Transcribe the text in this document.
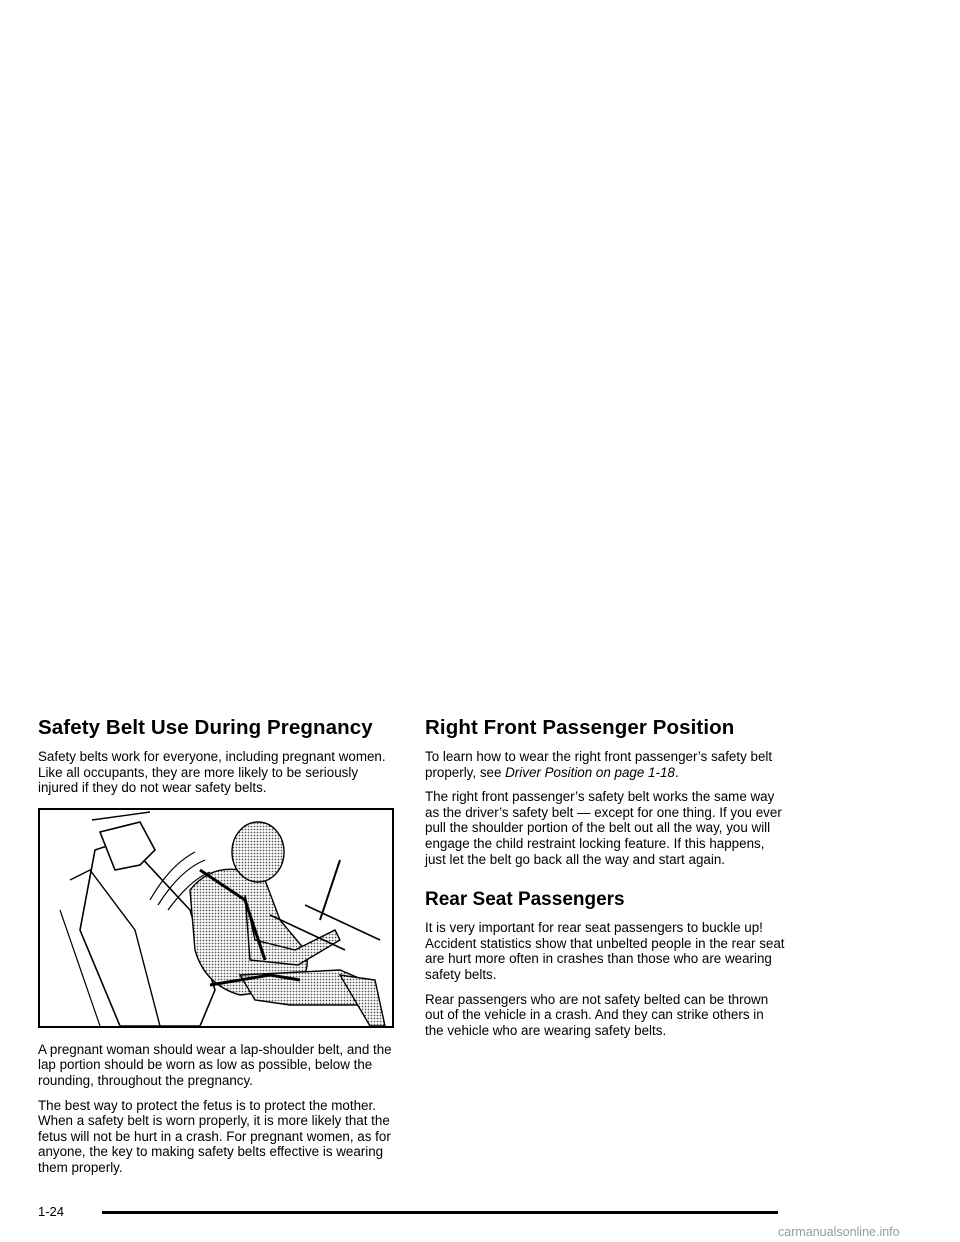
Safety Belt Use During Pregnancy

Safety belts work for everyone, including pregnant women. Like all occupants, they are more likely to be seriously injured if they do not wear safety belts.

A pregnant woman should wear a lap-shoulder belt, and the lap portion should be worn as low as possible, below the rounding, throughout the pregnancy.

The best way to protect the fetus is to protect the mother. When a safety belt is worn properly, it is more likely that the fetus will not be hurt in a crash. For pregnant women, as for anyone, the key to making safety belts effective is wearing them properly.

Right Front Passenger Position

To learn how to wear the right front passenger’s safety belt properly, see Driver Position on page 1-18.

The right front passenger’s safety belt works the same way as the driver’s safety belt — except for one thing. If you ever pull the shoulder portion of the belt out all the way, you will engage the child restraint locking feature. If this happens, just let the belt go back all the way and start again.

Rear Seat Passengers

It is very important for rear seat passengers to buckle up! Accident statistics show that unbelted people in the rear seat are hurt more often in crashes than those who are wearing safety belts.

Rear passengers who are not safety belted can be thrown out of the vehicle in a crash. And they can strike others in the vehicle who are wearing safety belts.

1-24
carmanualsonline.info
